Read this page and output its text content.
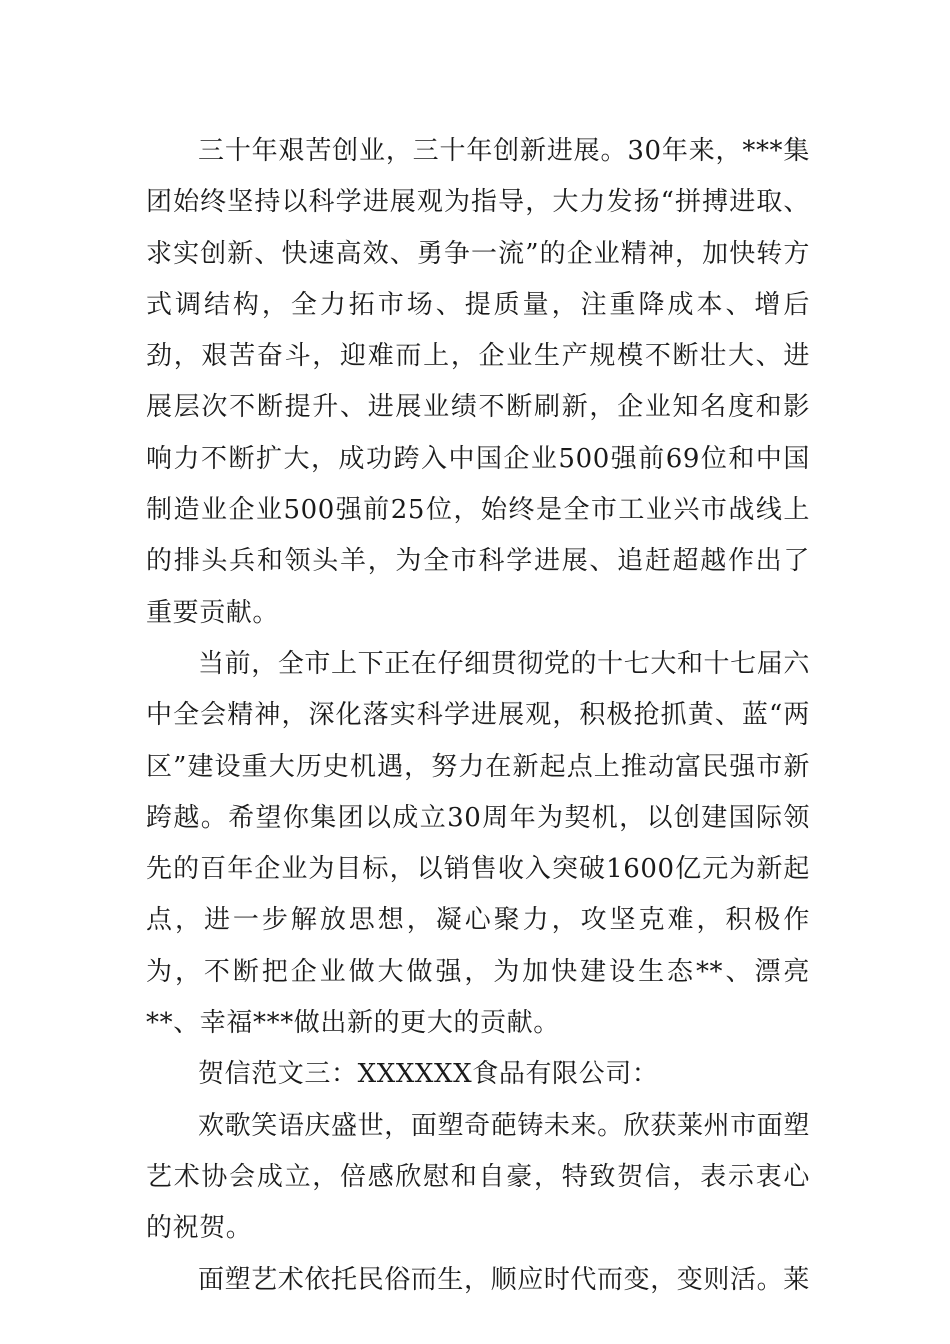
三十年艰苦创业，三十年创新进展。30年来，***集团始终坚持以科学进展观为指导，大力发扬“拼搏进取、求实创新、快速高效、勇争一流”的企业精神，加快转方式调结构，全力拓市场、提质量，注重降成本、增后劲，艰苦奋斗，迎难而上，企业生产规模不断壮大、进展层次不断提升、进展业绩不断刷新，企业知名度和影响力不断扩大，成功跨入中国企业500强前69位和中国制造业企业500强前25位，始终是全市工业兴市战线上的排头兵和领头羊，为全市科学进展、追赶超越作出了重要贡献。

当前，全市上下正在仔细贯彻党的十七大和十七届六中全会精神，深化落实科学进展观，积极抢抓黄、蓝“两区”建设重大历史机遇，努力在新起点上推动富民强市新跨越。希望你集团以成立30周年为契机，以创建国际领先的百年企业为目标，以销售收入突破1600亿元为新起点，进一步解放思想，凝心聚力，攻坚克难，积极作为，不断把企业做大做强，为加快建设生态**、漂亮**、幸福***做出新的更大的贡献。

贺信范文三：XXXXXX食品有限公司：

欢歌笑语庆盛世，面塑奇葩铸未来。欣获莱州市面塑艺术协会成立，倍感欣慰和自豪，特致贺信，表示衷心的祝贺。

面塑艺术依托民俗而生，顺应时代而变，变则活。莱
